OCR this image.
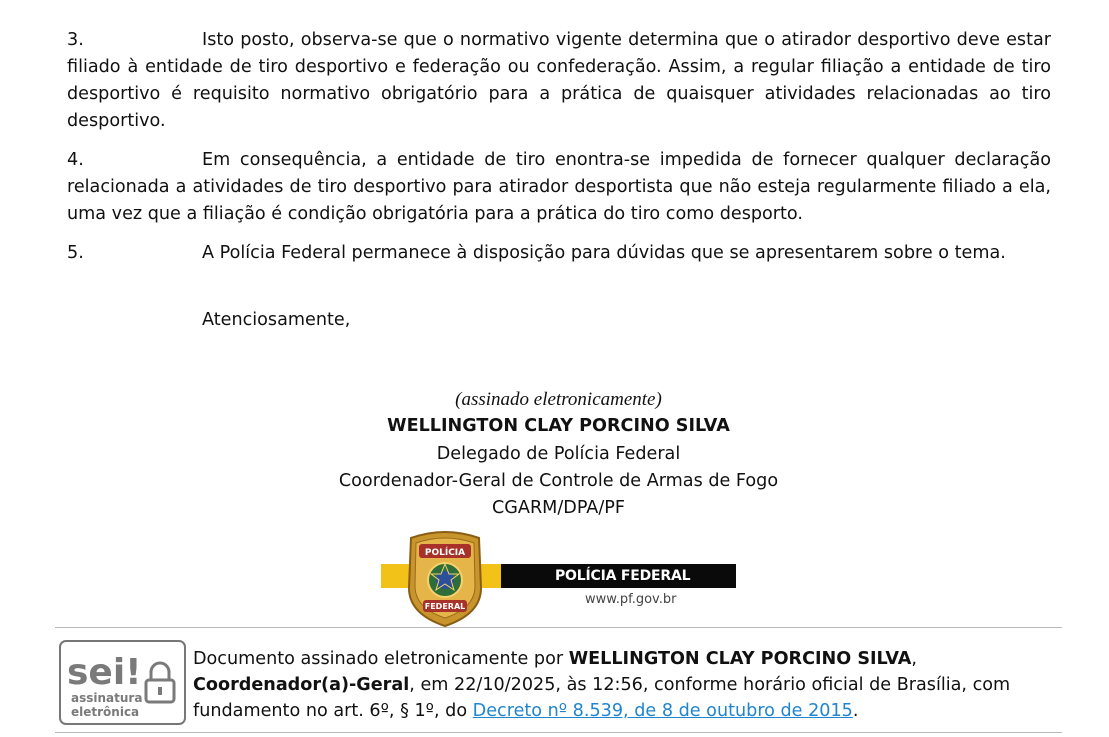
3.	Isto posto, observa-se que o normativo vigente determina que o atirador desportivo deve estar filiado à entidade de tiro desportivo e federação ou confederação. Assim, a regular filiação a entidade de tiro desportivo é requisito normativo obrigatório para a prática de quaisquer atividades relacionadas ao tiro desportivo.

4.	Em consequência, a entidade de tiro enontra-se impedida de fornecer qualquer declaração relacionada a atividades de tiro desportivo para atirador desportista que não esteja regularmente filiado a ela, uma vez que a filiação é condição obrigatória para a prática do tiro como desporto.

5.	A Polícia Federal permanece à disposição para dúvidas que se apresentarem sobre o tema.

Atenciosamente,
(assinado eletronicamente)
WELLINGTON CLAY PORCINO SILVA
Delegado de Polícia Federal
Coordenador-Geral de Controle de Armas de Fogo
CGARM/DPA/PF
POLÍCIA FEDERAL
www.pf.gov.br
POLÍCIA
FEDERAL
sei!
assinatura
eletrônica
Documento assinado eletronicamente por WELLINGTON CLAY PORCINO SILVA, Coordenador(a)-Geral, em 22/10/2025, às 12:56, conforme horário oficial de Brasília, com fundamento no art. 6º, § 1º, do Decreto nº 8.539, de 8 de outubro de 2015.
